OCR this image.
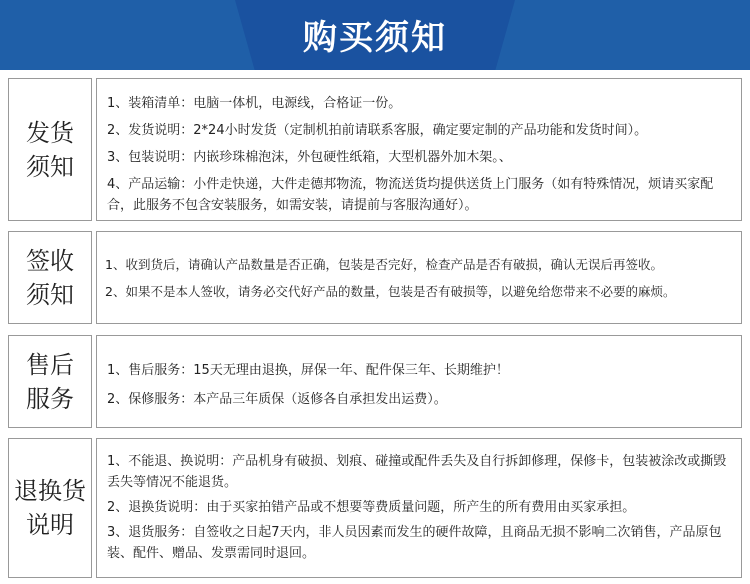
购买须知
发货
须知
1、装箱清单：电脑一体机，电源线，合格证一份。
2、发货说明：2*24小时发货（定制机拍前请联系客服，确定要定制的产品功能和发货时间）。
3、包装说明：内嵌珍珠棉泡沫，外包硬性纸箱，大型机器外加木架。、
4、产品运输：小件走快递，大件走德邦物流，物流送货均提供送货上门服务（如有特殊情况，烦请买家配合，此服务不包含安装服务，如需安装，请提前与客服沟通好）。
签收
须知
1、收到货后，请确认产品数量是否正确，包装是否完好，检查产品是否有破损，确认无误后再签收。
2、如果不是本人签收，请务必交代好产品的数量，包装是否有破损等，以避免给您带来不必要的麻烦。
售后
服务
1、售后服务：15天无理由退换，屏保一年、配件保三年、长期维护！
2、保修服务：本产品三年质保（返修各自承担发出运费）。
退换货
说明
1、不能退、换说明：产品机身有破损、划痕、碰撞或配件丢失及自行拆卸修理，保修卡，包装被涂改或撕毁丢失等情况不能退货。
2、退换货说明：由于买家拍错产品或不想要等费质量问题，所产生的所有费用由买家承担。
3、退货服务：自签收之日起7天内，非人员因素而发生的硬件故障，且商品无损不影响二次销售，产品原包装、配件、赠品、发票需同时退回。
